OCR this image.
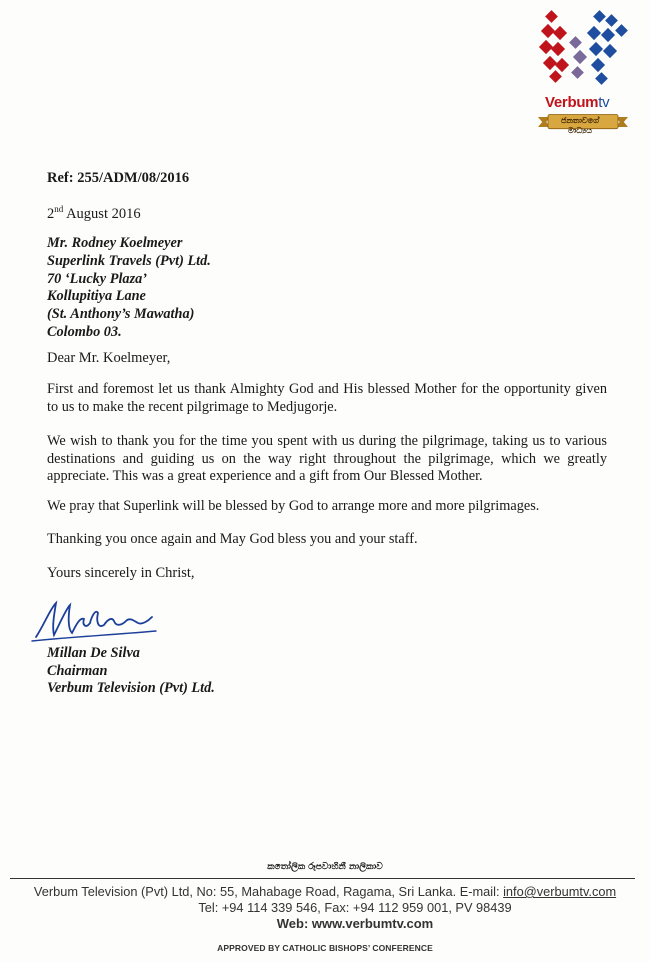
Verbumtv
ජනතාවගේ මාධ්‍යය
Ref: 255/ADM/08/2016
2nd August 2016
Mr. Rodney Koelmeyer
Superlink Travels (Pvt) Ltd.
70 ‘Lucky Plaza’
Kollupitiya Lane
(St. Anthony’s Mawatha)
Colombo 03.
Dear Mr. Koelmeyer,
First and foremost let us thank Almighty God and His blessed Mother for the opportunity given to us to make the recent pilgrimage to Medjugorje.
We wish to thank you for the time you spent with us during the pilgrimage, taking us to various destinations and guiding us on the way right throughout the pilgrimage, which we greatly appreciate. This was a great experience and a gift from Our Blessed Mother.
We pray that Superlink will be blessed by God to arrange more and more pilgrimages.
Thanking you once again and May God bless you and your staff.
Yours sincerely in Christ,
Millan De Silva
Chairman
Verbum Television (Pvt) Ltd.
කතෝලික රූපවාහිනී නාලිකාව
Verbum Television (Pvt) Ltd, No: 55, Mahabage Road, Ragama, Sri Lanka. E-mail: info@verbumtv.com
Tel: +94 114 339 546, Fax: +94 112 959 001, PV 98439
Web: www.verbumtv.com
APPROVED BY CATHOLIC BISHOPS’ CONFERENCE
